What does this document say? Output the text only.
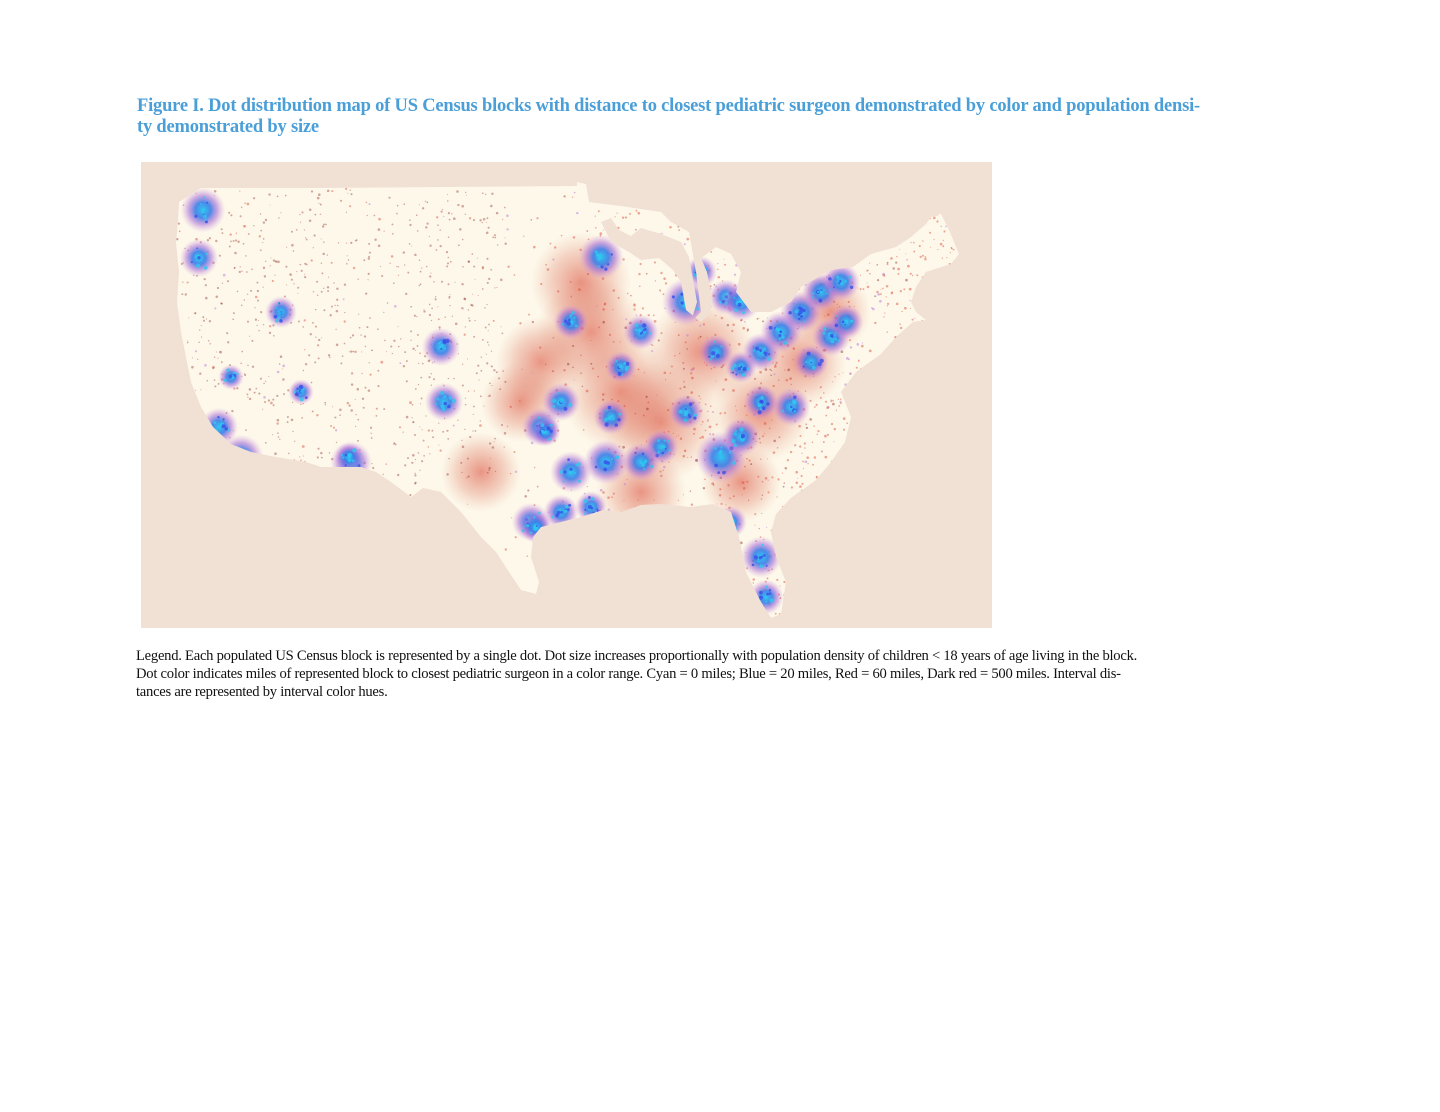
Figure I. Dot distribution map of US Census blocks with distance to closest pediatric surgeon demonstrated by color and population densi-
ty demonstrated by size
Legend. Each populated US Census block is represented by a single dot. Dot size increases proportionally with population density of children < 18 years of age living in the block.
Dot color indicates miles of represented block to closest pediatric surgeon in a color range. Cyan = 0 miles; Blue = 20 miles, Red = 60 miles, Dark red = 500 miles. Interval dis-
tances are represented by interval color hues.
